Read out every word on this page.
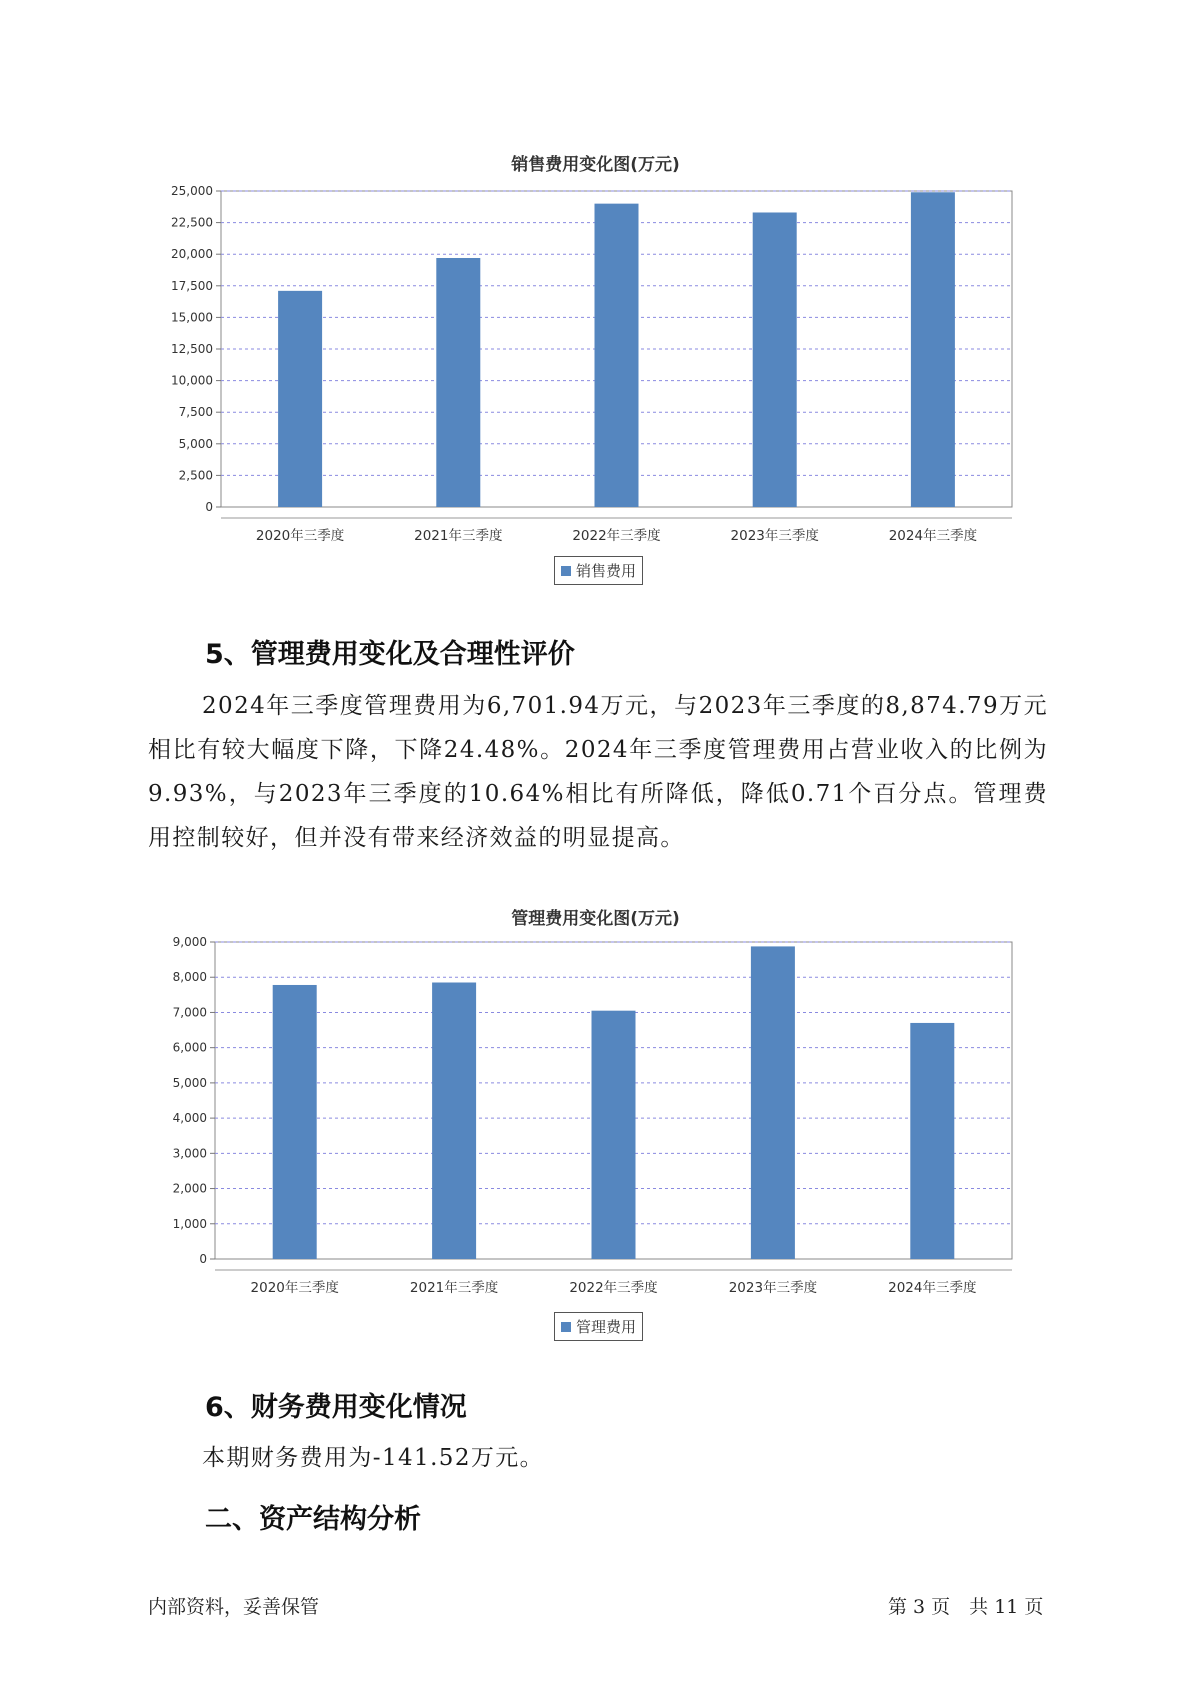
销售费用变化图(万元)
0
2,500
5,000
7,500
10,000
12,500
15,000
17,500
20,000
22,500
25,000
2020年三季度	2021年三季度	2022年三季度	2023年三季度	2024年三季度
销售费用
5、管理费用变化及合理性评价

2024年三季度管理费用为6,701.94万元，与2023年三季度的8,874.79万元相比有较大幅度下降，下降24.48%。2024年三季度管理费用占营业收入的比例为9.93%，与2023年三季度的10.64%相比有所降低，降低0.71个百分点。管理费用控制较好，但并没有带来经济效益的明显提高。

管理费用变化图(万元)
0
1,000
2,000
3,000
4,000
5,000
6,000
7,000
8,000
9,000
2020年三季度	2021年三季度	2022年三季度	2023年三季度	2024年三季度
管理费用
6、财务费用变化情况

本期财务费用为-141.52万元。

二、资产结构分析
内部资料，妥善保管	第 3 页　共 11 页
